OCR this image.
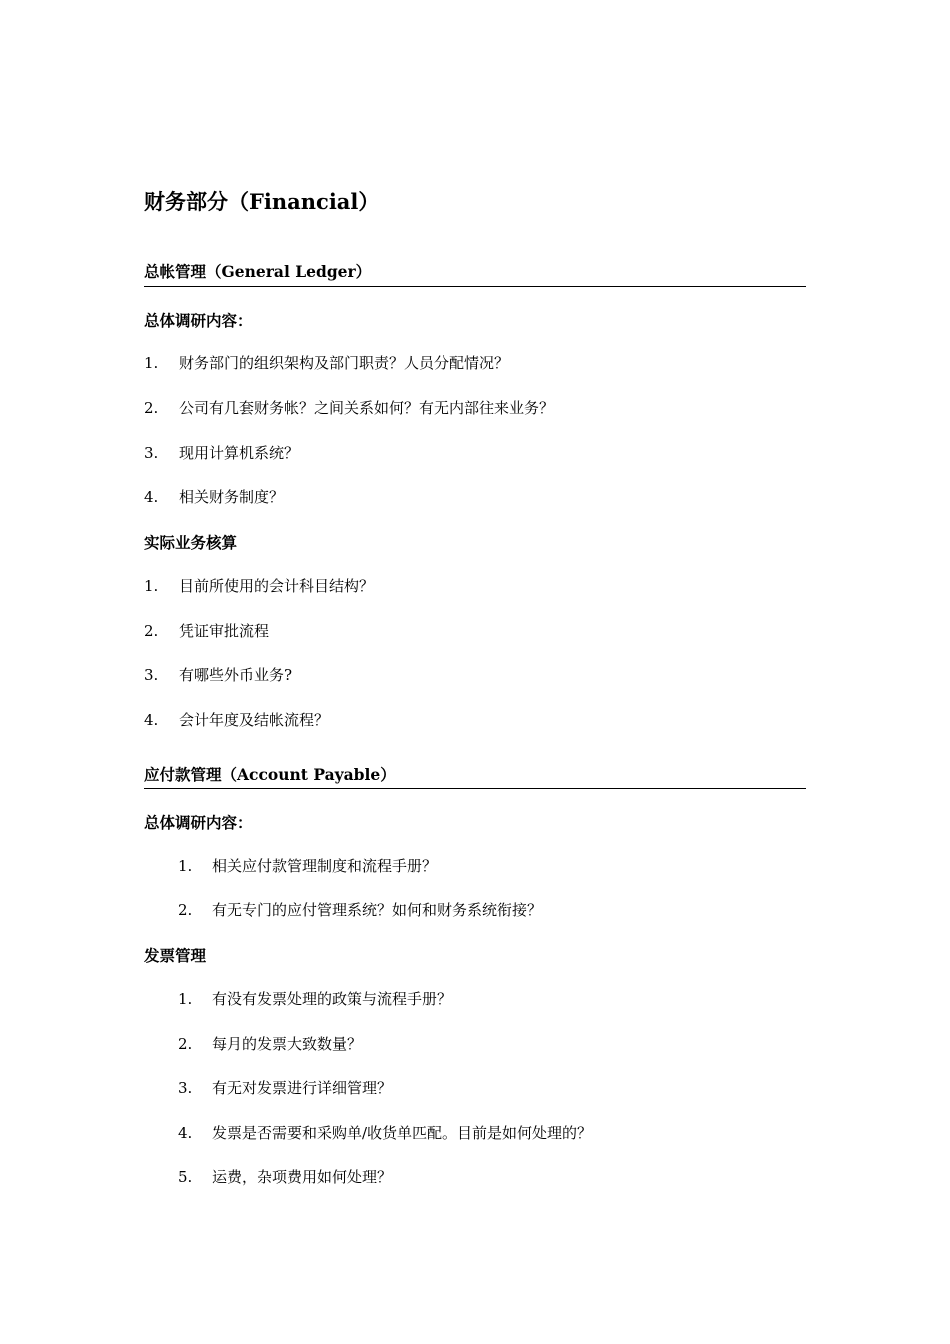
财务部分（Financial）
总帐管理（General Ledger）
总体调研内容：
1. 财务部门的组织架构及部门职责？人员分配情况？
2. 公司有几套财务帐？之间关系如何？有无内部往来业务？
3. 现用计算机系统？
4. 相关财务制度？
实际业务核算
1. 目前所使用的会计科目结构？
2. 凭证审批流程
3. 有哪些外币业务?
4. 会计年度及结帐流程？
应付款管理（Account Payable）
总体调研内容：
1. 相关应付款管理制度和流程手册？
2. 有无专门的应付管理系统？如何和财务系统衔接？
发票管理
1. 有没有发票处理的政策与流程手册？
2. 每月的发票大致数量？
3. 有无对发票进行详细管理？
4. 发票是否需要和采购单/收货单匹配。目前是如何处理的？
5. 运费，杂项费用如何处理？
